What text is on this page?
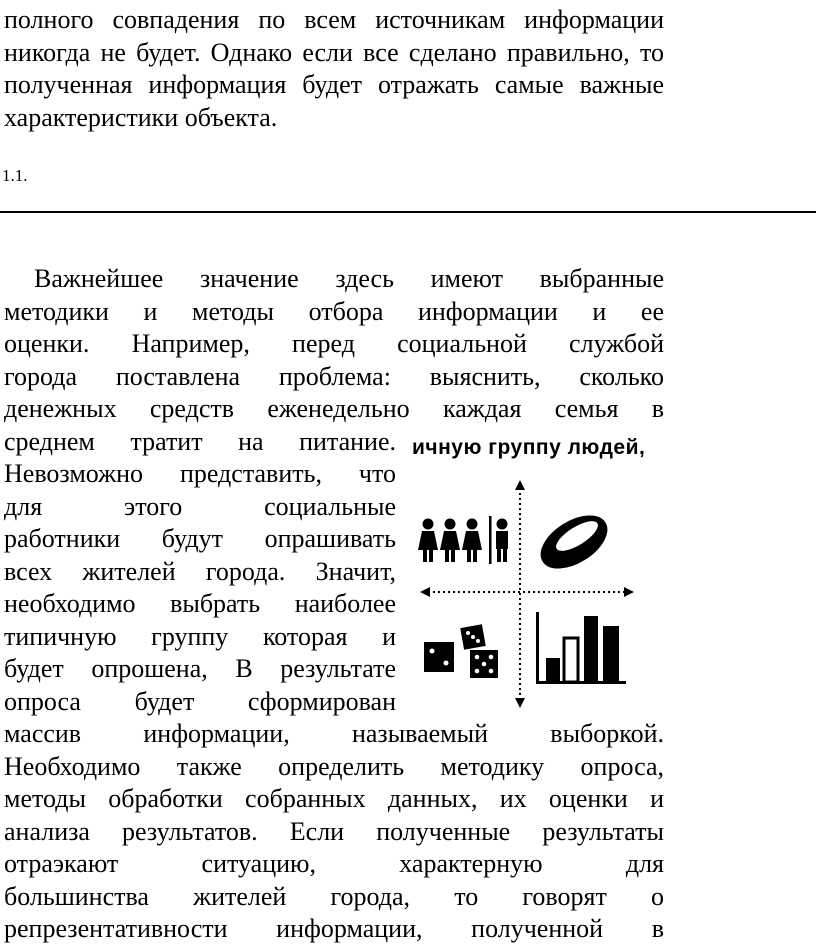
полного совпадения по всем источникам информации никогда не будет. Однако если все сделано правильно, то полученная информация будет отражать самые важные характеристики объекта.

1.1.

Важнейшее значение здесь имеют выбранные

методики и методы отбора информации и ее
оценки. Например, перед социальной службой
города поставлена проблема: выяснить, сколько
денежных средств еженедельно каждая семья в

среднем тратит на питание.
Невозможно представить, что
для этого социальные
работники будут опрашивать
всех жителей города. Значит,
необходимо выбрать наиболее
типичную группу которая и
будет опрошена, В результате
опроса будет сформирован

ичную группу людей,

массив информации, называемый выборкой.
Необходимо также определить методику опроса,
методы обработки собранных данных, их оценки и
анализа результатов. Если полученные результаты
отраэкают ситуацию, характерную для
большинства жителей города, то говорят о
репрезентативности информации, полученной в
